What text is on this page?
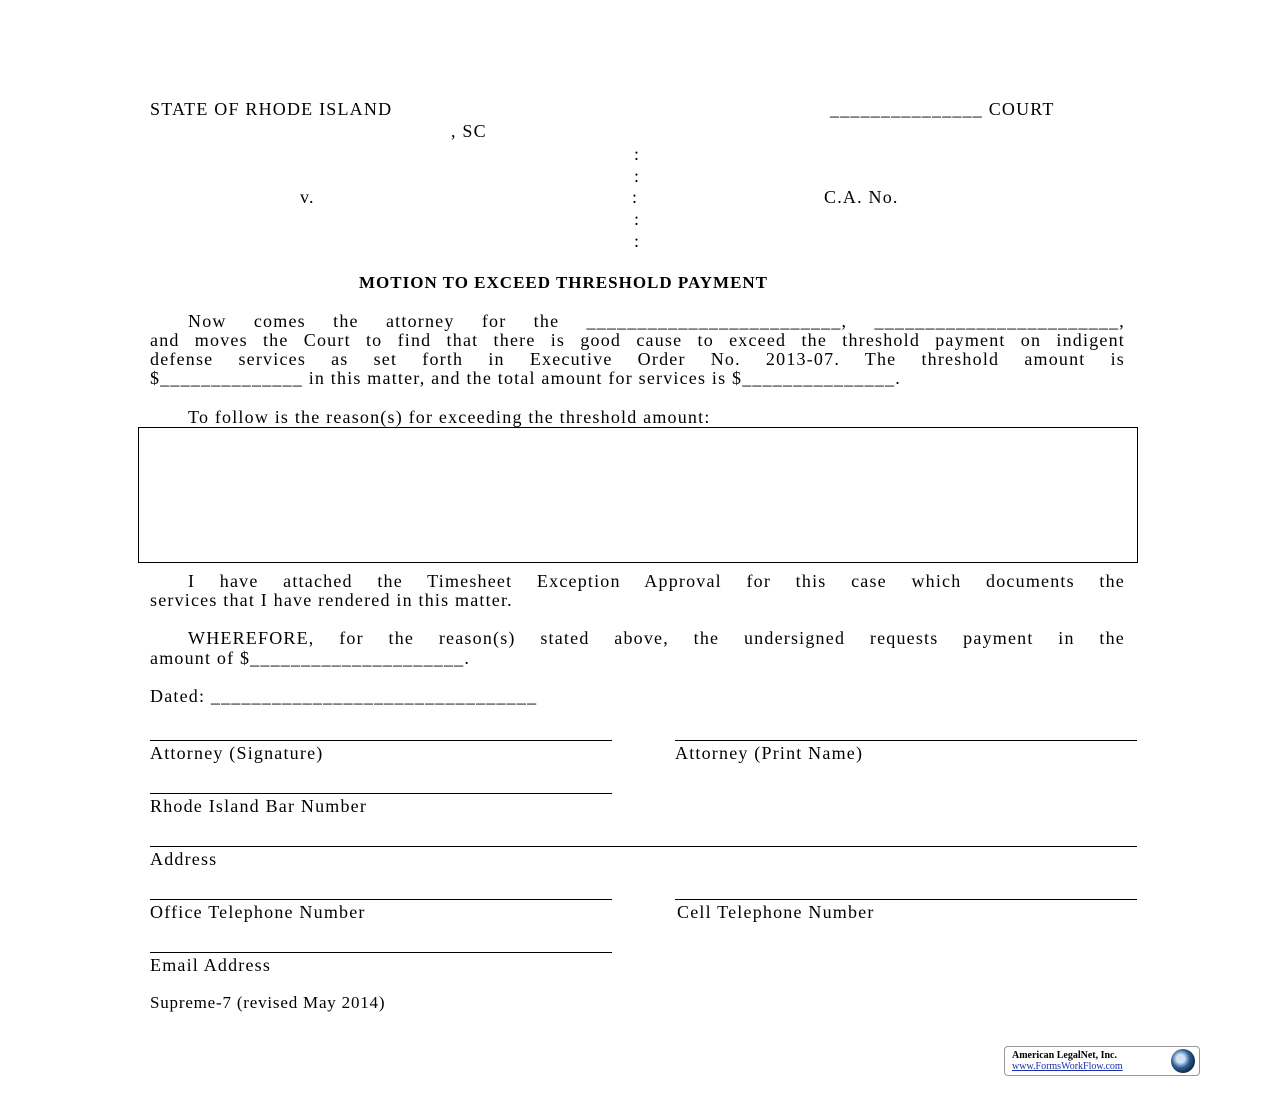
STATE OF RHODE ISLAND	_______________ COURT
, SC
:
:
v.	:	C.A. No.
:
:
MOTION TO EXCEED THRESHOLD PAYMENT
Now comes the attorney for the _________________________, ________________________,
and moves the Court to find that there is good cause to exceed the threshold payment on indigent
defense services as set forth in Executive Order No. 2013-07. The threshold amount is
$______________ in this matter, and the total amount for services is $_______________.
To follow is the reason(s) for exceeding the threshold amount:
I have attached the Timesheet Exception Approval for this case which documents the
services that I have rendered in this matter.
WHEREFORE, for the reason(s) stated above, the undersigned requests payment in the
amount of $_____________________.
Dated: ________________________________
Attorney (Signature)	Attorney (Print Name)
Rhode Island Bar Number
Address
Office Telephone Number	Cell Telephone Number
Email Address
Supreme-7 (revised May 2014)
American LegalNet, Inc.
www.FormsWorkFlow.com
